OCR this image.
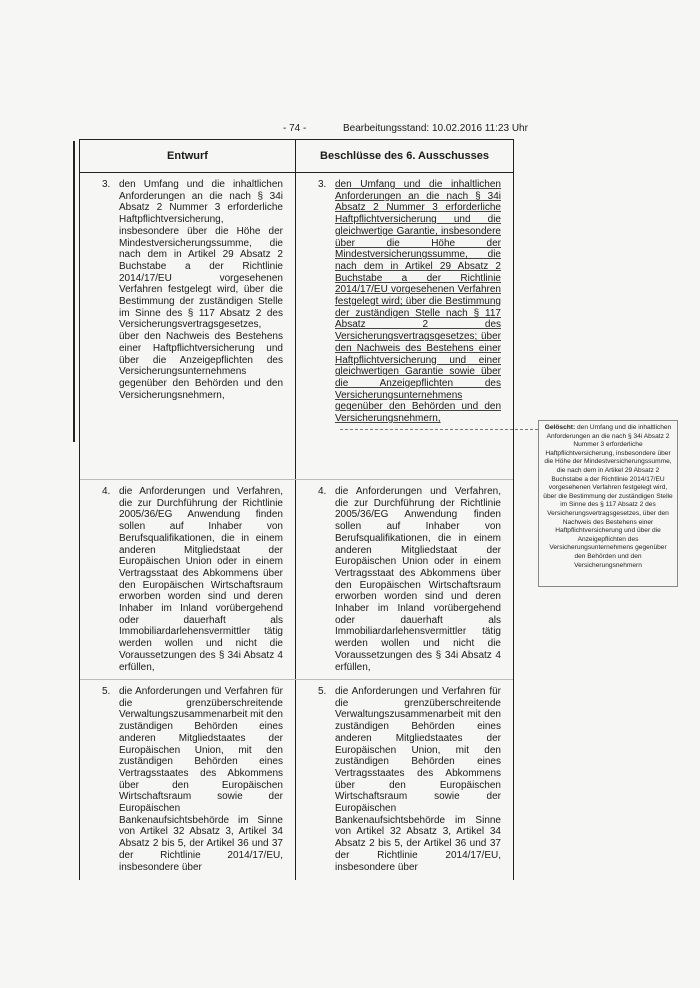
- 74 -	Bearbeitungsstand: 10.02.2016 11:23 Uhr
Entwurf	Beschlüsse des 6. Ausschusses
3. den Umfang und die inhaltlichen Anforderungen an die nach § 34i Absatz 2 Nummer 3 erforderliche Haftpflichtversicherung, insbesondere über die Höhe der Mindestversicherungssumme, die nach dem in Artikel 29 Absatz 2 Buchstabe a der Richtlinie 2014/17/EU vorgesehenen Verfahren festgelegt wird, über die Bestimmung der zuständigen Stelle im Sinne des § 117 Absatz 2 des Versicherungsvertragsgesetzes, über den Nachweis des Bestehens einer Haftpflichtversicherung und über die Anzeigepflichten des Versicherungsunternehmens gegenüber den Behörden und den Versicherungsnehmern,
3. den Umfang und die inhaltlichen Anforderungen an die nach § 34i Absatz 2 Nummer 3 erforderliche Haftpflichtversicherung und die gleichwertige Garantie, insbesondere über die Höhe der Mindestversicherungssumme, die nach dem in Artikel 29 Absatz 2 Buchstabe a der Richtlinie 2014/17/EU vorgesehenen Verfahren festgelegt wird; über die Bestimmung der zuständigen Stelle nach § 117 Absatz 2 des Versicherungsvertragsgesetzes; über den Nachweis des Bestehens einer Haftpflichtversicherung und einer gleichwertigen Garantie sowie über die Anzeigepflichten des Versicherungsunternehmens gegenüber den Behörden und den Versicherungsnehmern,
4. die Anforderungen und Verfahren, die zur Durchführung der Richtlinie 2005/36/EG Anwendung finden sollen auf Inhaber von Berufsqualifikationen, die in einem anderen Mitgliedstaat der Europäischen Union oder in einem Vertragsstaat des Abkommens über den Europäischen Wirtschaftsraum erworben worden sind und deren Inhaber im Inland vorübergehend oder dauerhaft als Immobiliardarlehensvermittler tätig werden wollen und nicht die Voraussetzungen des § 34i Absatz 4 erfüllen,
4. die Anforderungen und Verfahren, die zur Durchführung der Richtlinie 2005/36/EG Anwendung finden sollen auf Inhaber von Berufsqualifikationen, die in einem anderen Mitgliedstaat der Europäischen Union oder in einem Vertragsstaat des Abkommens über den Europäischen Wirtschaftsraum erworben worden sind und deren Inhaber im Inland vorübergehend oder dauerhaft als Immobiliardarlehensvermittler tätig werden wollen und nicht die Voraussetzungen des § 34i Absatz 4 erfüllen,
5. die Anforderungen und Verfahren für die grenzüberschreitende Verwaltungszusammenarbeit mit den zuständigen Behörden eines anderen Mitgliedstaates der Europäischen Union, mit den zuständigen Behörden eines Vertragsstaates des Abkommens über den Europäischen Wirtschaftsraum sowie der Europäischen Bankenaufsichtsbehörde im Sinne von Artikel 32 Absatz 3, Artikel 34 Absatz 2 bis 5, der Artikel 36 und 37 der Richtlinie 2014/17/EU, insbesondere über
5. die Anforderungen und Verfahren für die grenzüberschreitende Verwaltungszusammenarbeit mit den zuständigen Behörden eines anderen Mitgliedstaates der Europäischen Union, mit den zuständigen Behörden eines Vertragsstaates des Abkommens über den Europäischen Wirtschaftsraum sowie der Europäischen Bankenaufsichtsbehörde im Sinne von Artikel 32 Absatz 3, Artikel 34 Absatz 2 bis 5, der Artikel 36 und 37 der Richtlinie 2014/17/EU, insbesondere über
Gelöscht: den Umfang und die inhaltlichen Anforderungen an die nach § 34i Absatz 2 Nummer 3 erforderliche Haftpflichtversicherung, insbesondere über die Höhe der Mindestversicherungssumme, die nach dem in Artikel 29 Absatz 2 Buchstabe a der Richtlinie 2014/17/EU vorgesehenen Verfahren festgelegt wird, über die Bestimmung der zuständigen Stelle im Sinne des § 117 Absatz 2 des Versicherungsvertragsgesetzes, über den Nachweis des Bestehens einer Haftpflichtversicherung und über die Anzeigepflichten des Versicherungsunternehmens gegenüber den Behörden und den Versicherungsnehmern
